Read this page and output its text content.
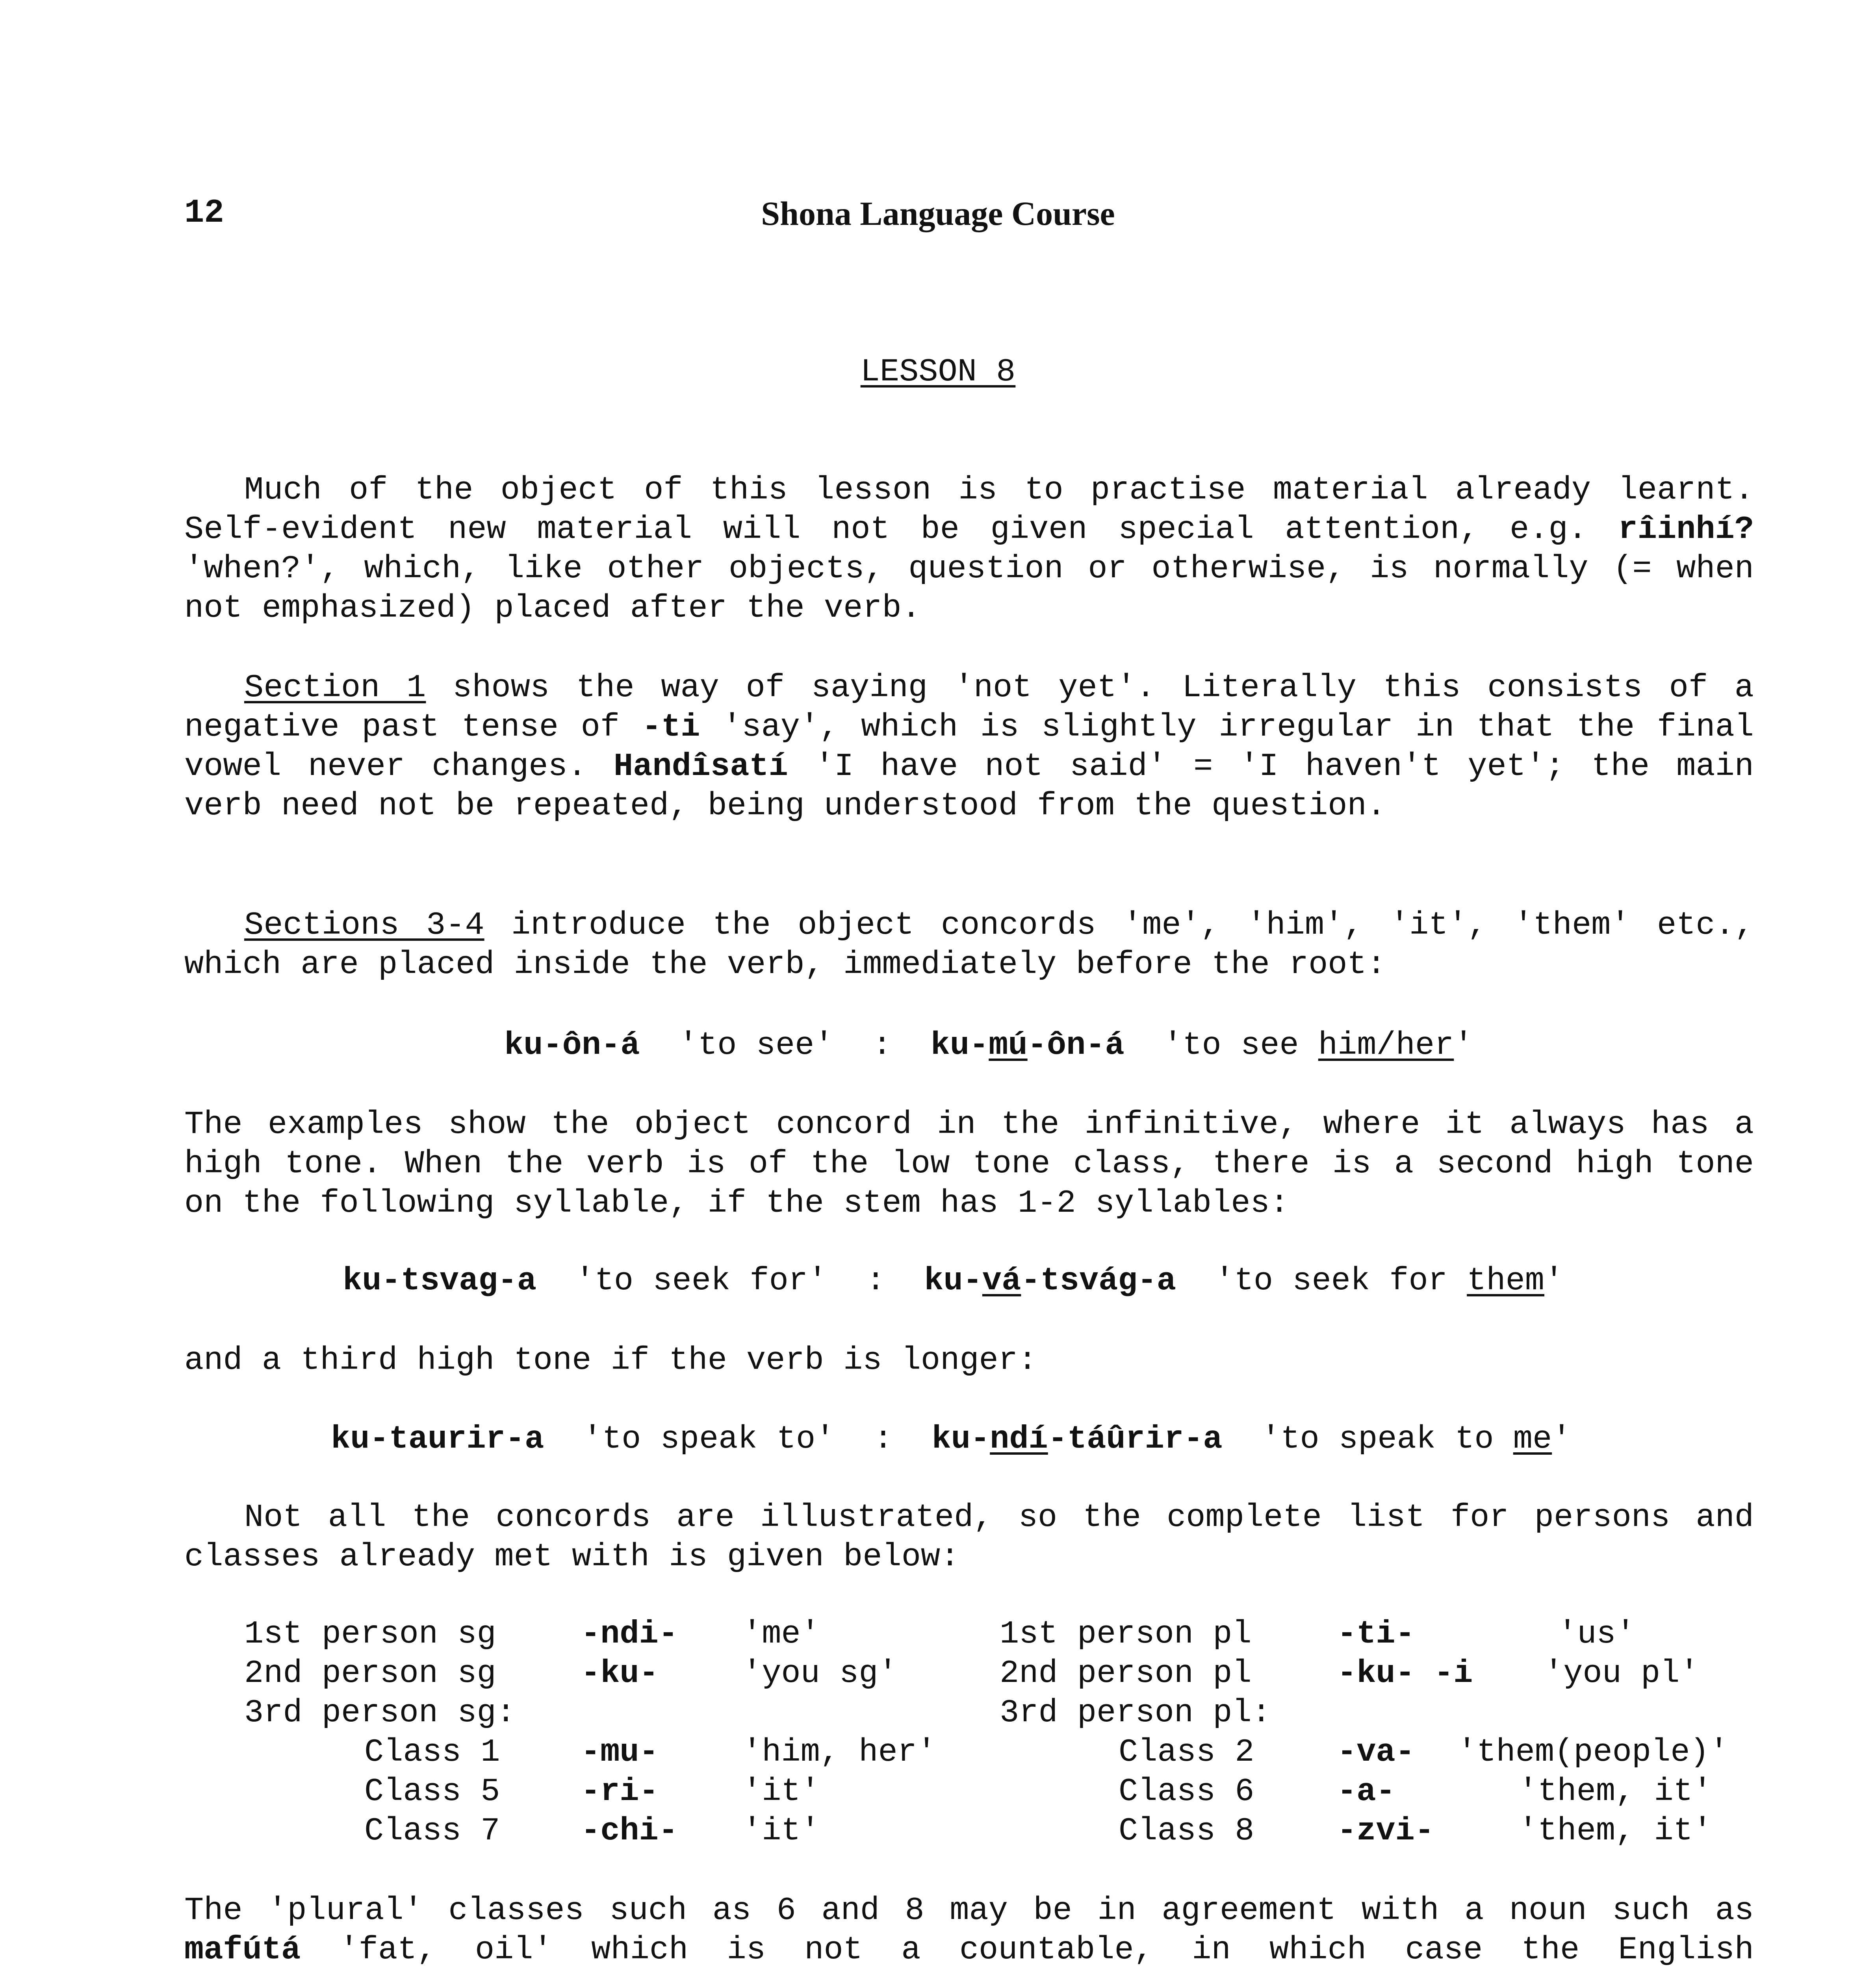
12	Shona Language Course
LESSON 8
Much of the object of this lesson is to practise material already learnt.
Self-evident new material will not be given special attention, e.g. rîinhí?
'when?', which, like other objects, question or otherwise, is normally (= when
not emphasized) placed after the verb.
Section 1 shows the way of saying 'not yet'. Literally this consists of a
negative past tense of -ti 'say', which is slightly irregular in that the final
vowel never changes. Handîsatí 'I have not said' = 'I haven't yet'; the main
verb need not be repeated, being understood from the question.
Sections 3-4 introduce the object concords 'me', 'him', 'it', 'them' etc.,
which are placed inside the verb, immediately before the root:
ku-ôn-á 'to see' : ku-mú-ôn-á 'to see him/her'
The examples show the object concord in the infinitive, where it always has a
high tone. When the verb is of the low tone class, there is a second high tone
on the following syllable, if the stem has 1-2 syllables:
ku-tsvag-a 'to seek for' : ku-vá-tsvág-a 'to seek for them'
and a third high tone if the verb is longer:
ku-taurir-a 'to speak to' : ku-ndí-táûrir-a 'to speak to me'
Not all the concords are illustrated, so the complete list for persons and
classes already met with is given below:
1st person sg	-ndi- 'me'	1st person pl	-ti-	'us'
2nd person sg	-ku-	'you sg'	2nd person pl	-ku- -i 'you pl'
3rd person sg:	3rd person pl:
Class 1	-mu-	'him, her'	Class 2	-va- 'them(people)'
Class 5	-ri-	'it'	Class 6	-a-	'them, it'
Class 7	-chi- 'it'	Class 8	-zvi-	'them, it'
The 'plural' classes such as 6 and 8 may be in agreement with a noun such as
mafútá 'fat, oil' which is not a countable, in which case the English
